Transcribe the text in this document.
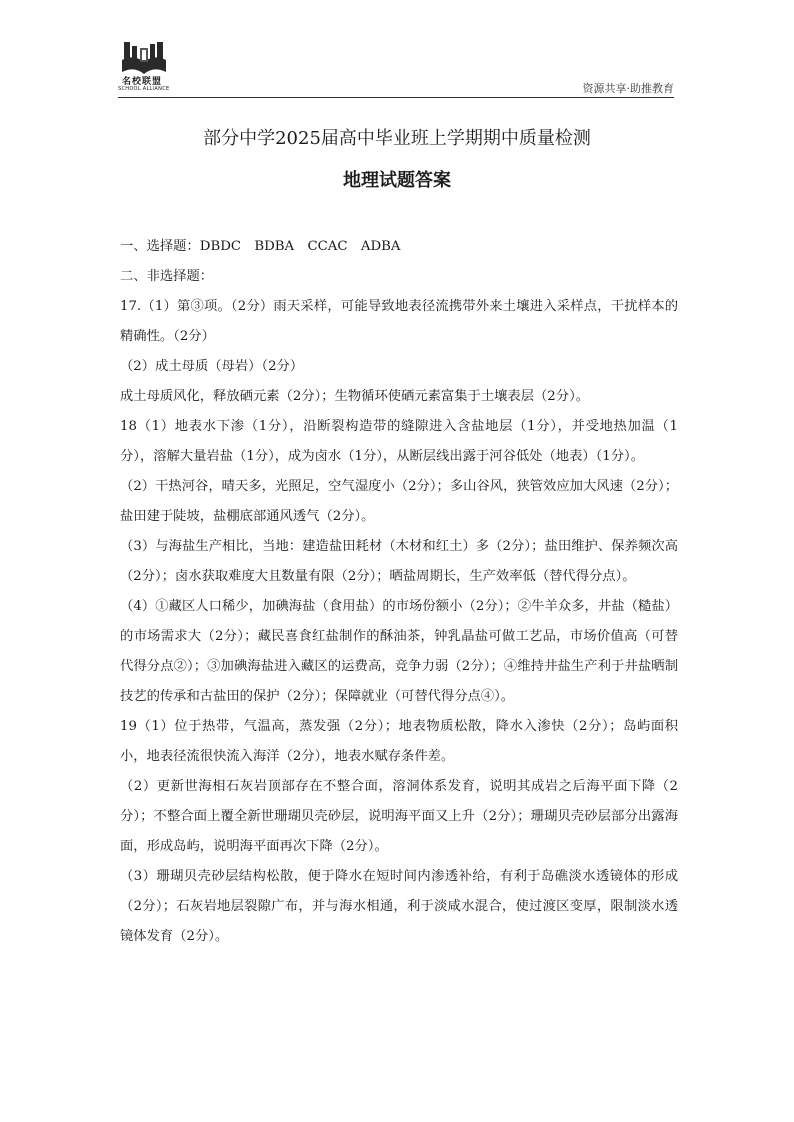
名校联盟
SCHOOL ALLIANCE	资源共享·助推教育
部分中学2025届高中毕业班上学期期中质量检测
地理试题答案

一、选择题：DBDC　BDBA　CCAC　ADBA

二、非选择题：

17.（1）第③项。（2分）雨天采样，可能导致地表径流携带外来土壤进入采样点，干扰样本的精确性。（2分）

（2）成土母质（母岩）（2分）

成土母质风化，释放硒元素（2分）；生物循环使硒元素富集于土壤表层（2分）。

18（1）地表水下渗（1分），沿断裂构造带的缝隙进入含盐地层（1分），并受地热加温（1分），溶解大量岩盐（1分），成为卤水（1分），从断层线出露于河谷低处（地表）（1分）。

（2）干热河谷，晴天多，光照足，空气湿度小（2分）；多山谷风，狭管效应加大风速（2分）；盐田建于陡坡，盐棚底部通风透气（2分）。

（3）与海盐生产相比，当地：建造盐田耗材（木材和红土）多（2分）；盐田维护、保养频次高（2分）；卤水获取难度大且数量有限（2分）；晒盐周期长，生产效率低（替代得分点）。

（4）①藏区人口稀少，加碘海盐（食用盐）的市场份额小（2分）；②牛羊众多，井盐（糙盐）的市场需求大（2分）；藏民喜食红盐制作的酥油茶，钟乳晶盐可做工艺品，市场价值高（可替代得分点②）；③加碘海盐进入藏区的运费高，竞争力弱（2分）；④维持井盐生产利于井盐晒制技艺的传承和古盐田的保护（2分）；保障就业（可替代得分点④）。

19（1）位于热带，气温高，蒸发强（2分）；地表物质松散，降水入渗快（2分）；岛屿面积小，地表径流很快流入海洋（2分），地表水赋存条件差。

（2）更新世海相石灰岩顶部存在不整合面，溶洞体系发育，说明其成岩之后海平面下降（2分）；不整合面上覆全新世珊瑚贝壳砂层，说明海平面又上升（2分）；珊瑚贝壳砂层部分出露海面，形成岛屿，说明海平面再次下降（2分）。

（3）珊瑚贝壳砂层结构松散，便于降水在短时间内渗透补给，有利于岛礁淡水透镜体的形成（2分）；石灰岩地层裂隙广布，并与海水相通，利于淡咸水混合，使过渡区变厚，限制淡水透镜体发育（2分）。
